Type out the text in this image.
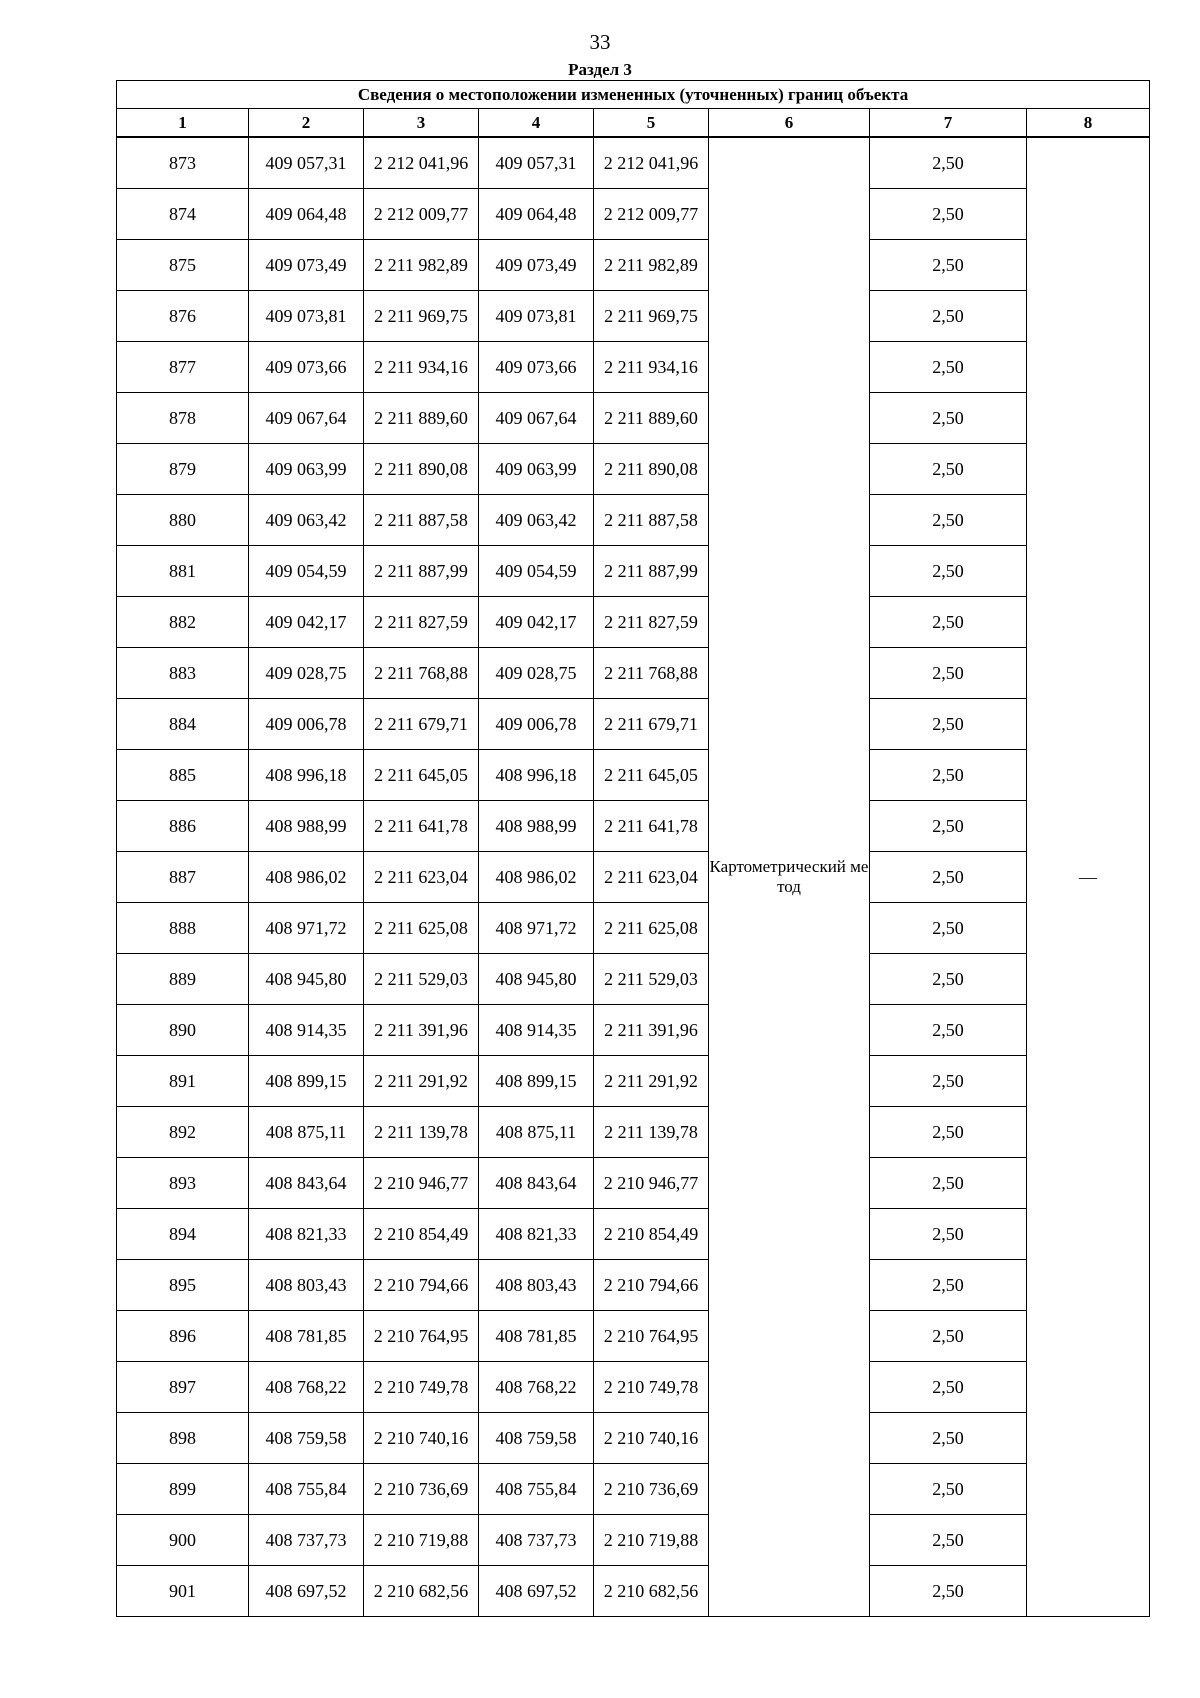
33
Раздел 3
Сведения о местоположении измененных (уточненных) границ объекта							
1	2	3	4	5	6	7	8
873	409 057,31	2 212 041,96	409 057,31	2 212 041,96	Картометрический метод	2,50	—
874	409 064,48	2 212 009,77	409 064,48	2 212 009,77		2,50	
875	409 073,49	2 211 982,89	409 073,49	2 211 982,89		2,50	
876	409 073,81	2 211 969,75	409 073,81	2 211 969,75		2,50	
877	409 073,66	2 211 934,16	409 073,66	2 211 934,16		2,50	
878	409 067,64	2 211 889,60	409 067,64	2 211 889,60		2,50	
879	409 063,99	2 211 890,08	409 063,99	2 211 890,08		2,50	
880	409 063,42	2 211 887,58	409 063,42	2 211 887,58		2,50	
881	409 054,59	2 211 887,99	409 054,59	2 211 887,99		2,50	
882	409 042,17	2 211 827,59	409 042,17	2 211 827,59		2,50	
883	409 028,75	2 211 768,88	409 028,75	2 211 768,88		2,50	
884	409 006,78	2 211 679,71	409 006,78	2 211 679,71		2,50	
885	408 996,18	2 211 645,05	408 996,18	2 211 645,05		2,50	
886	408 988,99	2 211 641,78	408 988,99	2 211 641,78		2,50	
887	408 986,02	2 211 623,04	408 986,02	2 211 623,04		2,50	
888	408 971,72	2 211 625,08	408 971,72	2 211 625,08		2,50	
889	408 945,80	2 211 529,03	408 945,80	2 211 529,03		2,50	
890	408 914,35	2 211 391,96	408 914,35	2 211 391,96		2,50	
891	408 899,15	2 211 291,92	408 899,15	2 211 291,92		2,50	
892	408 875,11	2 211 139,78	408 875,11	2 211 139,78		2,50	
893	408 843,64	2 210 946,77	408 843,64	2 210 946,77		2,50	
894	408 821,33	2 210 854,49	408 821,33	2 210 854,49		2,50	
895	408 803,43	2 210 794,66	408 803,43	2 210 794,66		2,50	
896	408 781,85	2 210 764,95	408 781,85	2 210 764,95		2,50	
897	408 768,22	2 210 749,78	408 768,22	2 210 749,78		2,50	
898	408 759,58	2 210 740,16	408 759,58	2 210 740,16		2,50	
899	408 755,84	2 210 736,69	408 755,84	2 210 736,69		2,50	
900	408 737,73	2 210 719,88	408 737,73	2 210 719,88		2,50	
901	408 697,52	2 210 682,56	408 697,52	2 210 682,56		2,50	
